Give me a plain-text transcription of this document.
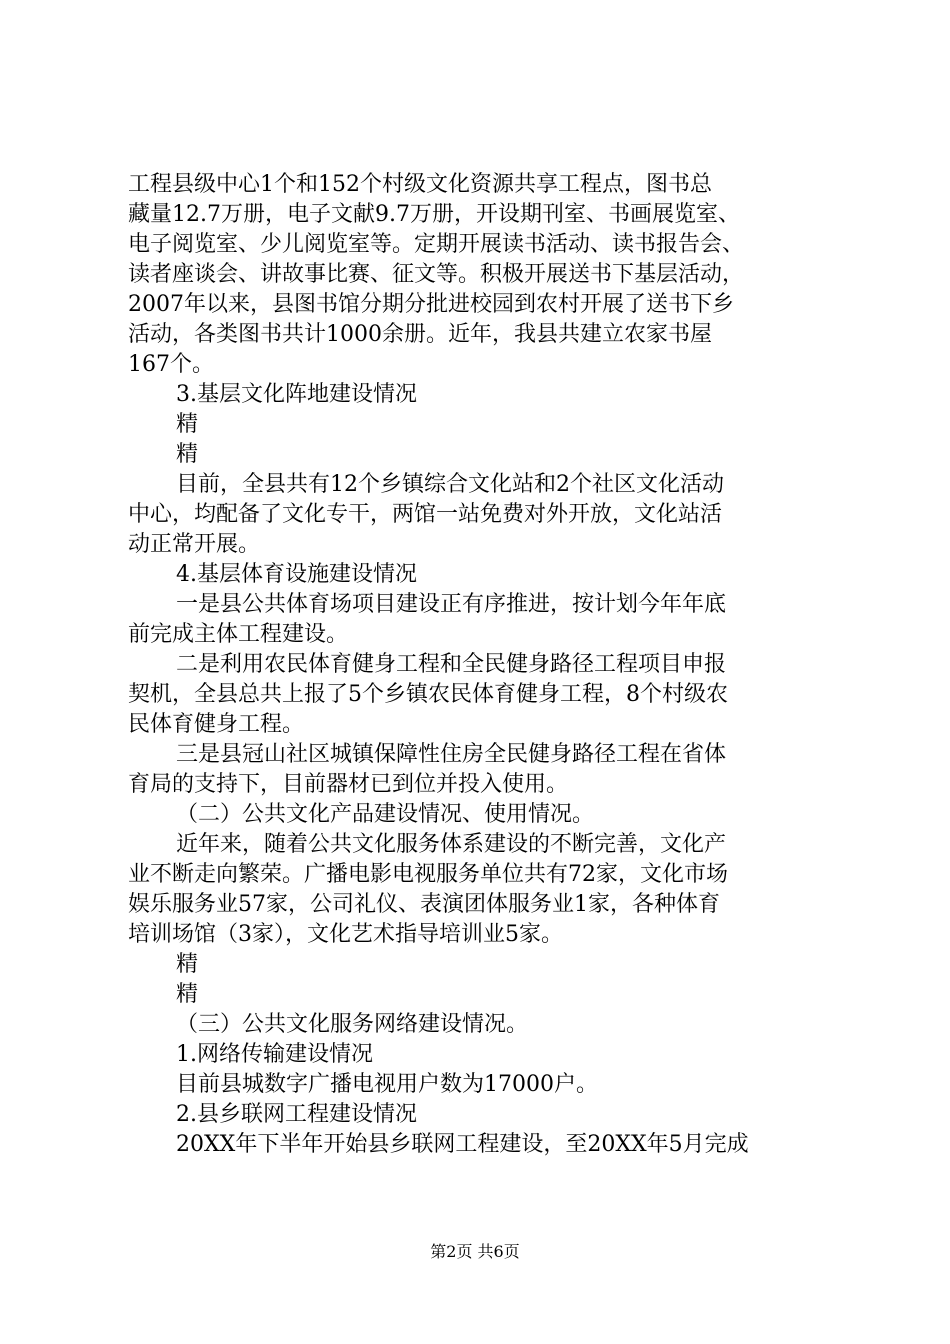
工程县级中心1个和152个村级文化资源共享工程点，图书总
藏量12.7万册，电子文献9.7万册，开设期刊室、书画展览室、
电子阅览室、少儿阅览室等。定期开展读书活动、读书报告会、
读者座谈会、讲故事比赛、征文等。积极开展送书下基层活动，
2007年以来，县图书馆分期分批进校园到农村开展了送书下乡
活动，各类图书共计1000余册。近年，我县共建立农家书屋
167个。
3.基层文化阵地建设情况
精
精
目前，全县共有12个乡镇综合文化站和2个社区文化活动
中心，均配备了文化专干，两馆一站免费对外开放，文化站活
动正常开展。
4.基层体育设施建设情况
一是县公共体育场项目建设正有序推进，按计划今年年底
前完成主体工程建设。
二是利用农民体育健身工程和全民健身路径工程项目申报
契机，全县总共上报了5个乡镇农民体育健身工程，8个村级农
民体育健身工程。
三是县冠山社区城镇保障性住房全民健身路径工程在省体
育局的支持下，目前器材已到位并投入使用。
（二）公共文化产品建设情况、使用情况。
近年来，随着公共文化服务体系建设的不断完善，文化产
业不断走向繁荣。广播电影电视服务单位共有72家，文化市场
娱乐服务业57家，公司礼仪、表演团体服务业1家，各种体育
培训场馆（3家），文化艺术指导培训业5家。
精
精
（三）公共文化服务网络建设情况。
1.网络传输建设情况
目前县城数字广播电视用户数为17000户。
2.县乡联网工程建设情况
20XX年下半年开始县乡联网工程建设，至20XX年5月完成
第2页 共6页
